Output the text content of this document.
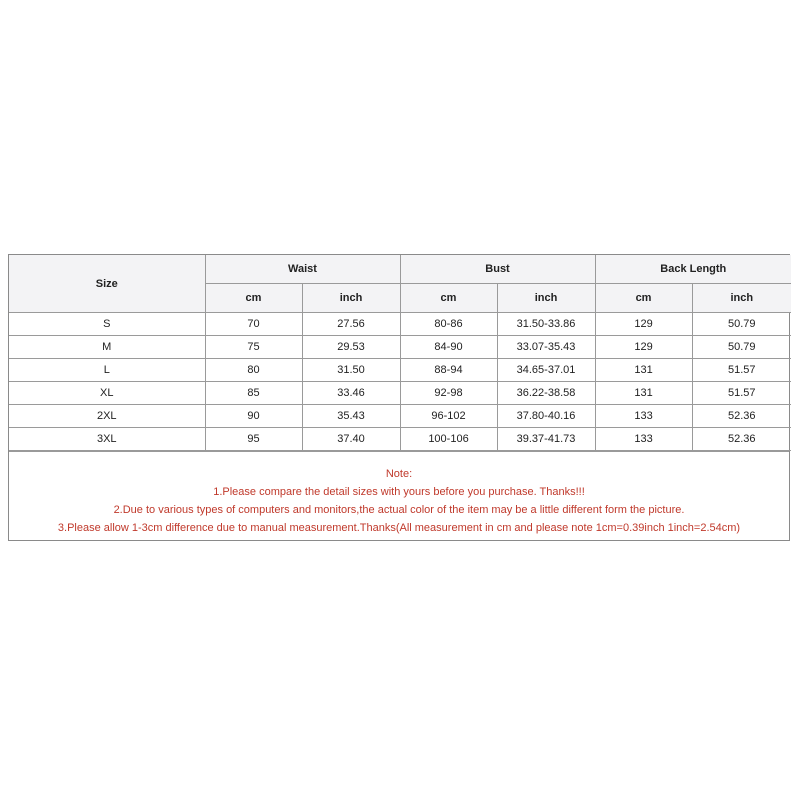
Size	Waist		Bust		Back Length	
	cm	inch	cm	inch	cm	inch
S	70	27.56	80-86	31.50-33.86	129	50.79
M	75	29.53	84-90	33.07-35.43	129	50.79
L	80	31.50	88-94	34.65-37.01	131	51.57
XL	85	33.46	92-98	36.22-38.58	131	51.57
2XL	90	35.43	96-102	37.80-40.16	133	52.36
3XL	95	37.40	100-106	39.37-41.73	133	52.36
Note:
1.Please compare the detail sizes with yours before you purchase. Thanks!!!
2.Due to various types of computers and monitors,the actual color of the item may be a little different form the picture.
3.Please allow 1-3cm difference due to manual measurement.Thanks(All measurement in cm and please note 1cm=0.39inch 1inch=2.54cm)
